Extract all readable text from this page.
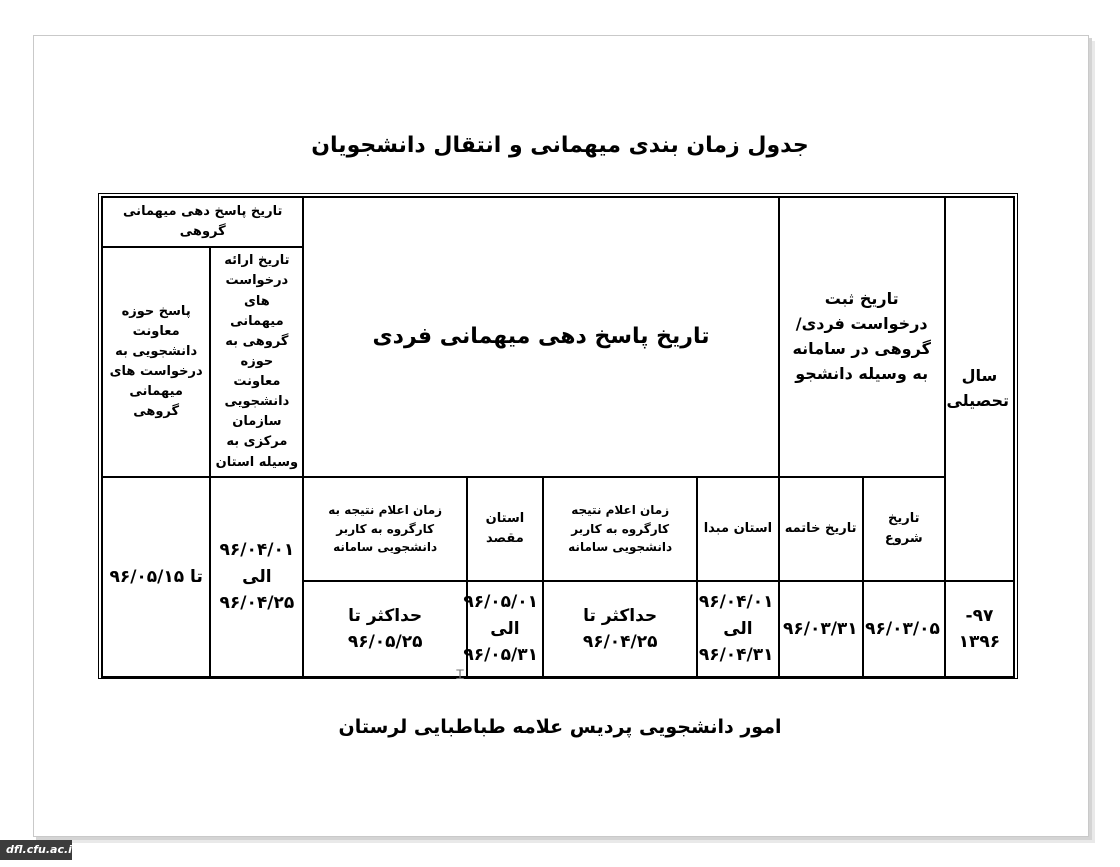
جدول زمان بندی میهمانی و انتقال دانشجویان
سال تحصیلی	تاریخ ثبت درخواست فردی/گروهی در سامانه به وسیله دانشجو		تاریخ پاسخ دهی میهمانی فردی				تاریخ پاسخ دهی میهمانی گروهی	
							تاریخ ارائه درخواست های میهمانی گروهی به حوزه معاونت دانشجویی سازمان مرکزی به وسیله استان	پاسخ حوزه معاونت دانشجویی به درخواست های میهمانی گروهی
	تاریخ شروع	تاریخ خاتمه	استان مبدا	زمان اعلام نتیجه کارگروه به کاربر دانشجویی سامانه	استان مقصد	زمان اعلام نتیجه به کارگروه به کاربر دانشجویی سامانه	۹۶/۰۴/۰۱ الی ۹۶/۰۴/۲۵	تا ۹۶/۰۵/۱۵
۹۷- ۱۳۹۶	۹۶/۰۳/۰۵	۹۶/۰۳/۳۱	۹۶/۰۴/۰۱ الی ۹۶/۰۴/۳۱	حداکثر تا ۹۶/۰۴/۲۵	۹۶/۰۵/۰۱ الی ۹۶/۰۵/۳۱	حداکثر تا ۹۶/۰۵/۲۵		
Ꮖ
امور دانشجویی پردیس علامه طباطبایی لرستان
dfl.cfu.ac.ir
